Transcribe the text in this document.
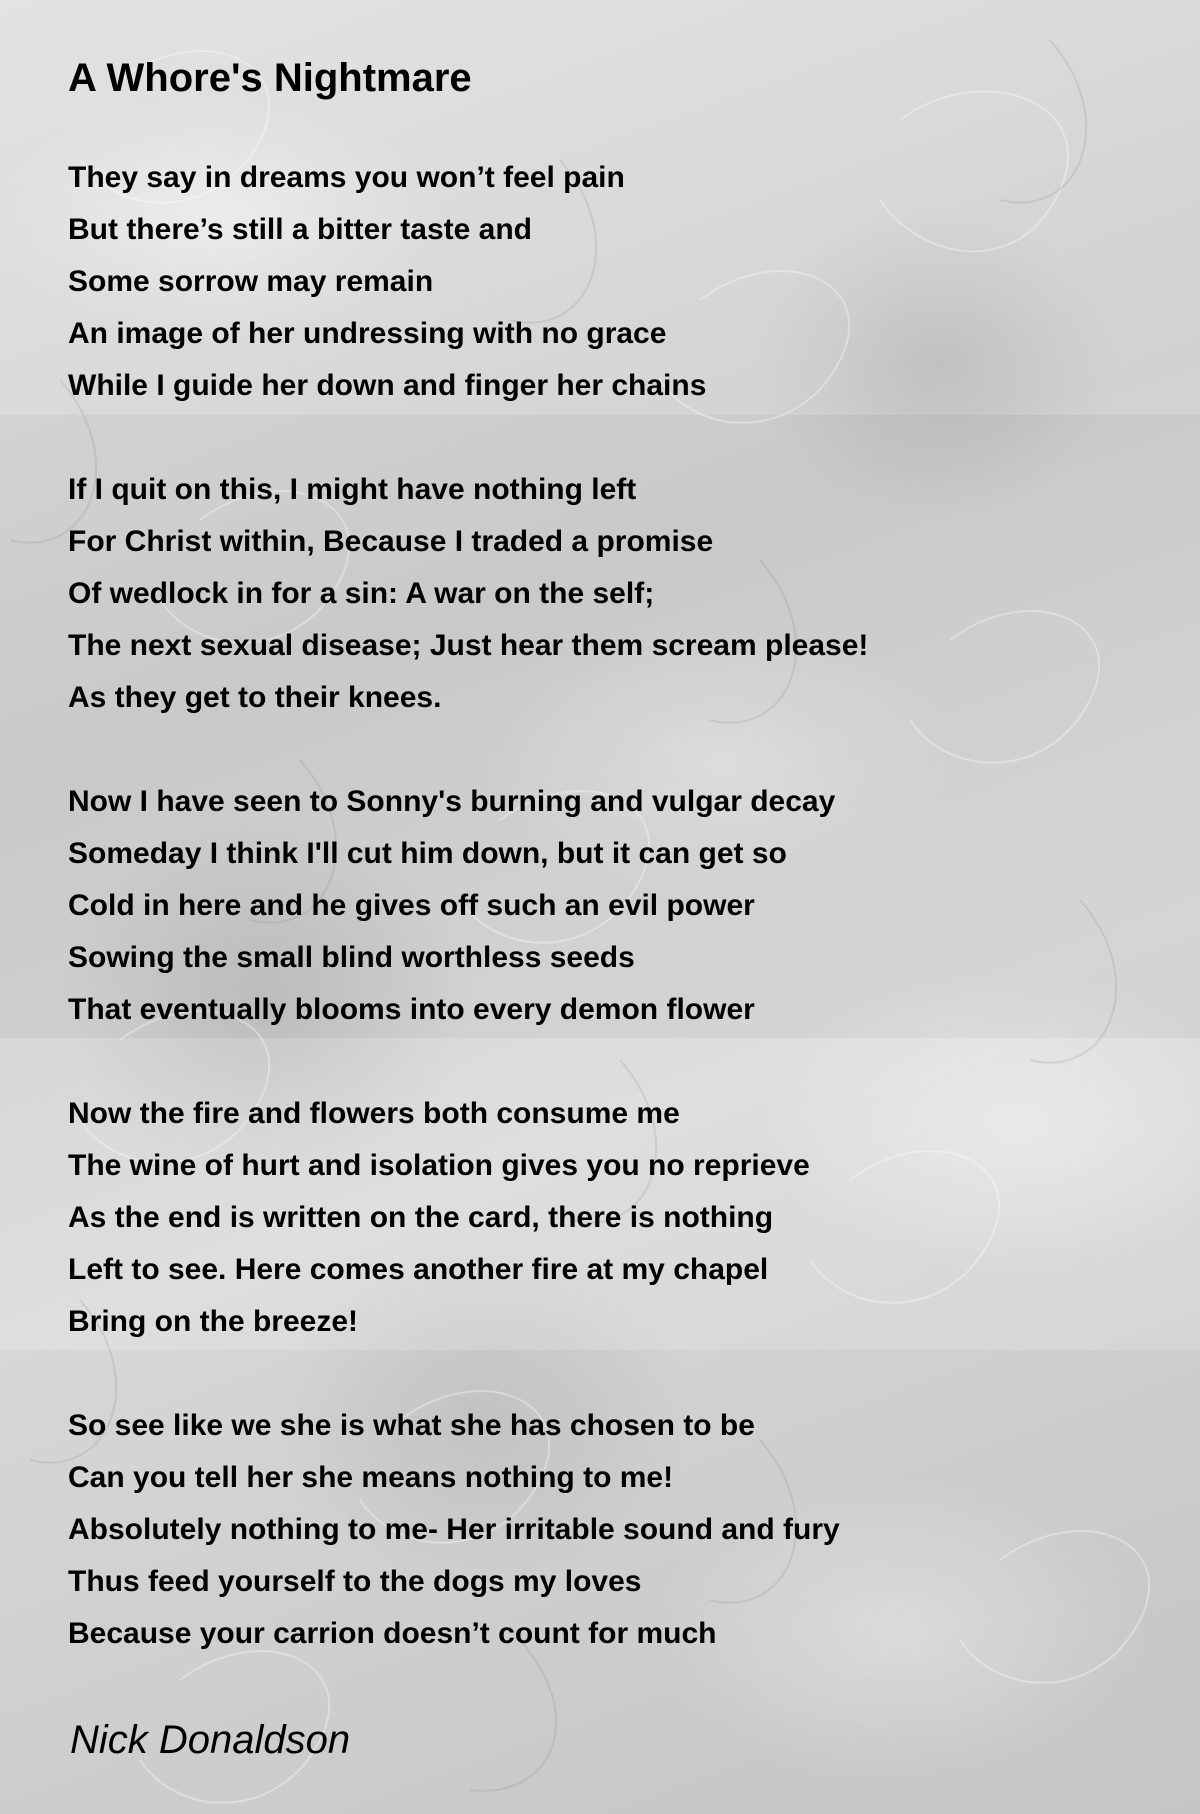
A Whore's Nightmare
They say in dreams you won’t feel pain
But there’s still a bitter taste and
Some sorrow may remain
An image of her undressing with no grace
While I guide her down and finger her chains
If I quit on this, I might have nothing left
For Christ within, Because I traded a promise
Of wedlock in for a sin: A war on the self;
The next sexual disease; Just hear them scream please!
As they get to their knees.
Now I have seen to Sonny's burning and vulgar decay
Someday I think I'll cut him down, but it can get so
Cold in here and he gives off such an evil power
Sowing the small blind worthless seeds
That eventually blooms into every demon flower
Now the fire and flowers both consume me
The wine of hurt and isolation gives you no reprieve
As the end is written on the card, there is nothing
Left to see. Here comes another fire at my chapel
Bring on the breeze!
So see like we she is what she has chosen to be
Can you tell her she means nothing to me!
Absolutely nothing to me- Her irritable sound and fury
Thus feed yourself to the dogs my loves
Because your carrion doesn’t count for much

Nick Donaldson
